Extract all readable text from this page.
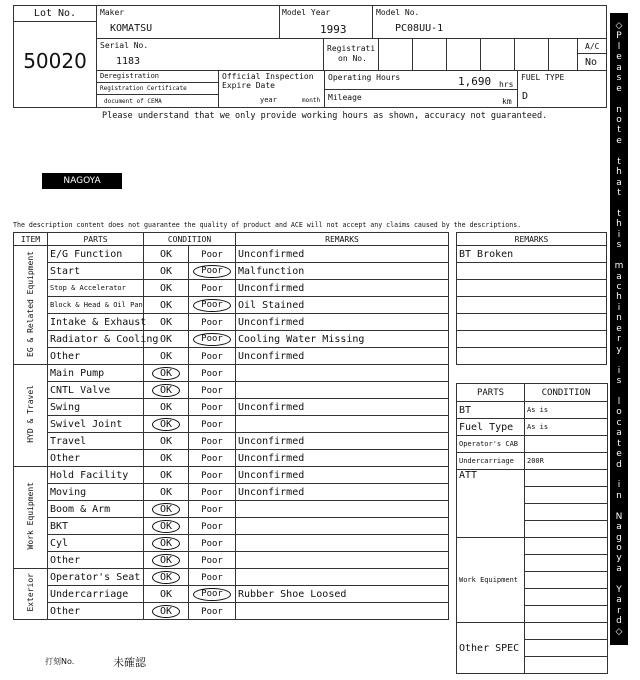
Lot No.
50020
Maker
KOMATSU
Model Year
1993
Model No.
PC08UU-1
Serial No.
1183
Registrati
on No.
A/C
No
Deregistration
Registration Certificate
document of CEMA
Official Inspection
Expire Date
year	month
Operating Hours	1,690 hrs
Mileage	km
FUEL TYPE
D
Please understand that we only provide working hours as shown, accuracy not guaranteed.
NAGOYA
The description content does not guarantee the quality of product and ACE will not accept any claims caused by the descriptions.
ITEM	PARTS	CONDITION		REMARKS
EG & Related Equipment	E/G Function	OK	Poor	Unconfirmed
	Start	OK	Poor	Malfunction
	Stop & Accelerator	OK	Poor	Unconfirmed
	Block & Head & Oil Pan	OK	Poor	Oil Stained
	Intake & Exhaust	OK	Poor	Unconfirmed
	Radiator & Cooling	OK	Poor	Cooling Water Missing
	Other	OK	Poor	Unconfirmed
HYD & Travel	Main Pump	OK	Poor	
	CNTL Valve	OK	Poor	
	Swing	OK	Poor	Unconfirmed
	Swivel Joint	OK	Poor	
	Travel	OK	Poor	Unconfirmed
	Other	OK	Poor	Unconfirmed
Work Equipment	Hold Facility	OK	Poor	Unconfirmed
	Moving	OK	Poor	Unconfirmed
	Boom & Arm	OK	Poor	
	BKT	OK	Poor	
	Cyl	OK	Poor	
	Other	OK	Poor	
Exterior	Operator's Seat	OK	Poor	
	Undercarriage	OK	Poor	Rubber Shoe Loosed
	Other	OK	Poor	
REMARKS
BT Broken

PARTS	CONDITION
BT	As is
Fuel Type	As is
Operator's CAB	
Undercarriage	200R
ATT	

Work Equipment	

Other SPEC	

打刻No.	未確認
◇
P
l
e
a
s
e

n
o
t
e

t
h
a
t

t
h
i
s

m
a
c
h
i
n
e
r
y

i
s

l
o
c
a
t
e
d

i
n

N
a
g
o
y
a

Y
a
r
d
◇
